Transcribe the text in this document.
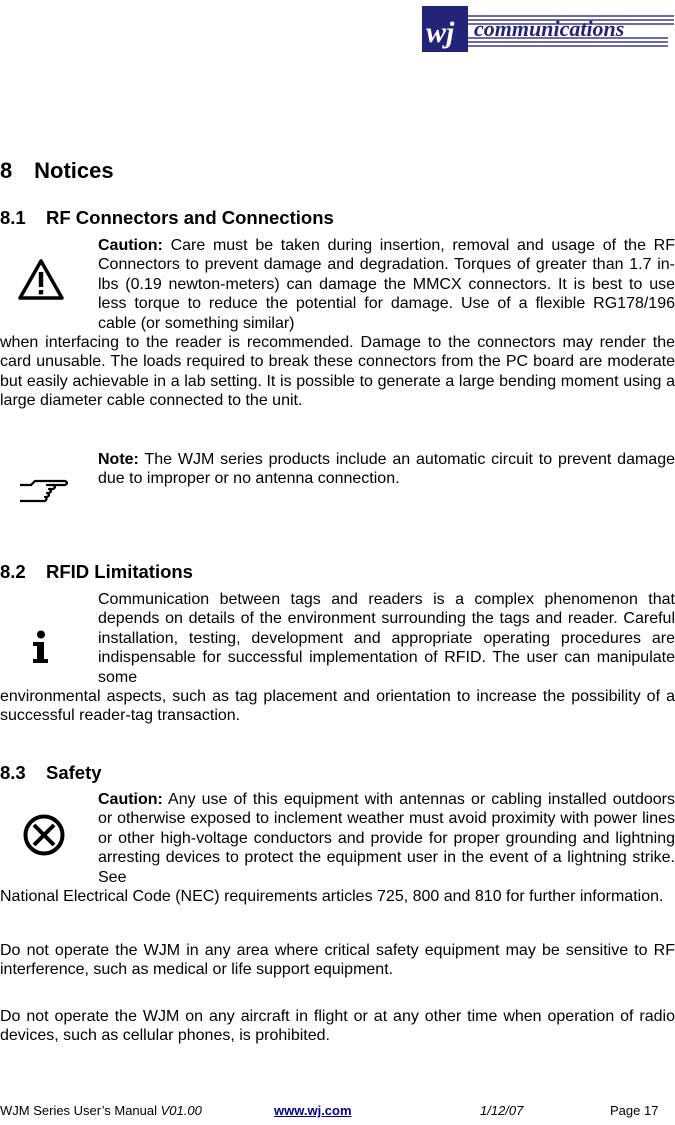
wj communications
8 Notices
8.1 RF Connectors and Connections
Caution: Care must be taken during insertion, removal and usage of the RF Connectors to prevent damage and degradation. Torques of greater than 1.7 in-lbs (0.19 newton-meters) can damage the MMCX connectors. It is best to use less torque to reduce the potential for damage. Use of a flexible RG178/196 cable (or something similar)
when interfacing to the reader is recommended. Damage to the connectors may render the card unusable. The loads required to break these connectors from the PC board are moderate but easily achievable in a lab setting. It is possible to generate a large bending moment using a large diameter cable connected to the unit.
Note: The WJM series products include an automatic circuit to prevent damage due to improper or no antenna connection.
8.2 RFID Limitations
Communication between tags and readers is a complex phenomenon that depends on details of the environment surrounding the tags and reader. Careful installation, testing, development and appropriate operating procedures are indispensable for successful implementation of RFID. The user can manipulate some
environmental aspects, such as tag placement and orientation to increase the possibility of a successful reader-tag transaction.
8.3 Safety
Caution: Any use of this equipment with antennas or cabling installed outdoors or otherwise exposed to inclement weather must avoid proximity with power lines or other high-voltage conductors and provide for proper grounding and lightning arresting devices to protect the equipment user in the event of a lightning strike. See
National Electrical Code (NEC) requirements articles 725, 800 and 810 for further information.
Do not operate the WJM in any area where critical safety equipment may be sensitive to RF interference, such as medical or life support equipment.
Do not operate the WJM on any aircraft in flight or at any other time when operation of radio devices, such as cellular phones, is prohibited.
WJM Series User’s Manual V01.00	www.wj.com	1/12/07	Page 17
